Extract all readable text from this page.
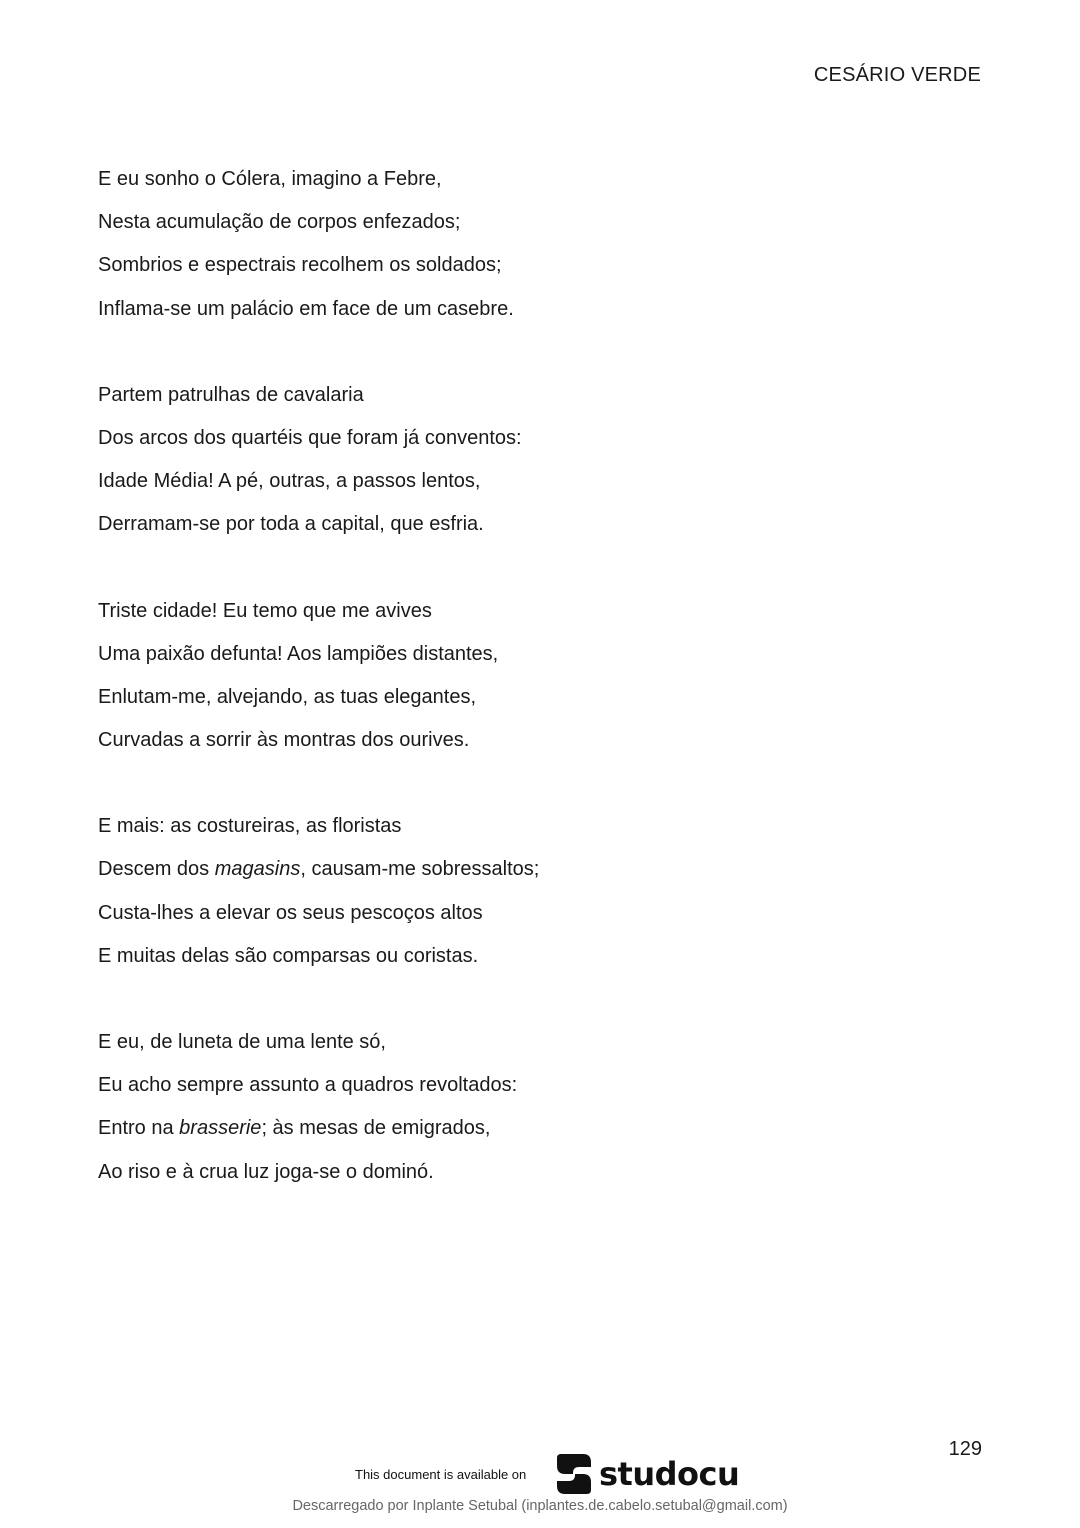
CESÁRIO VERDE
E eu sonho o Cólera, imagino a Febre,
Nesta acumulação de corpos enfezados;
Sombrios e espectrais recolhem os soldados;
Inflama-se um palácio em face de um casebre.
Partem patrulhas de cavalaria
Dos arcos dos quartéis que foram já conventos:
Idade Média! A pé, outras, a passos lentos,
Derramam-se por toda a capital, que esfria.
Triste cidade! Eu temo que me avives
Uma paixão defunta! Aos lampiões distantes,
Enlutam-me, alvejando, as tuas elegantes,
Curvadas a sorrir às montras dos ourives.
E mais: as costureiras, as floristas
Descem dos magasins, causam-me sobressaltos;
Custa-lhes a elevar os seus pescoços altos
E muitas delas são comparsas ou coristas.
E eu, de luneta de uma lente só,
Eu acho sempre assunto a quadros revoltados:
Entro na brasserie; às mesas de emigrados,
Ao riso e à crua luz joga-se o dominó.
129
This document is available on studocu
Descarregado por Inplante Setubal (inplantes.de.cabelo.setubal@gmail.com)
